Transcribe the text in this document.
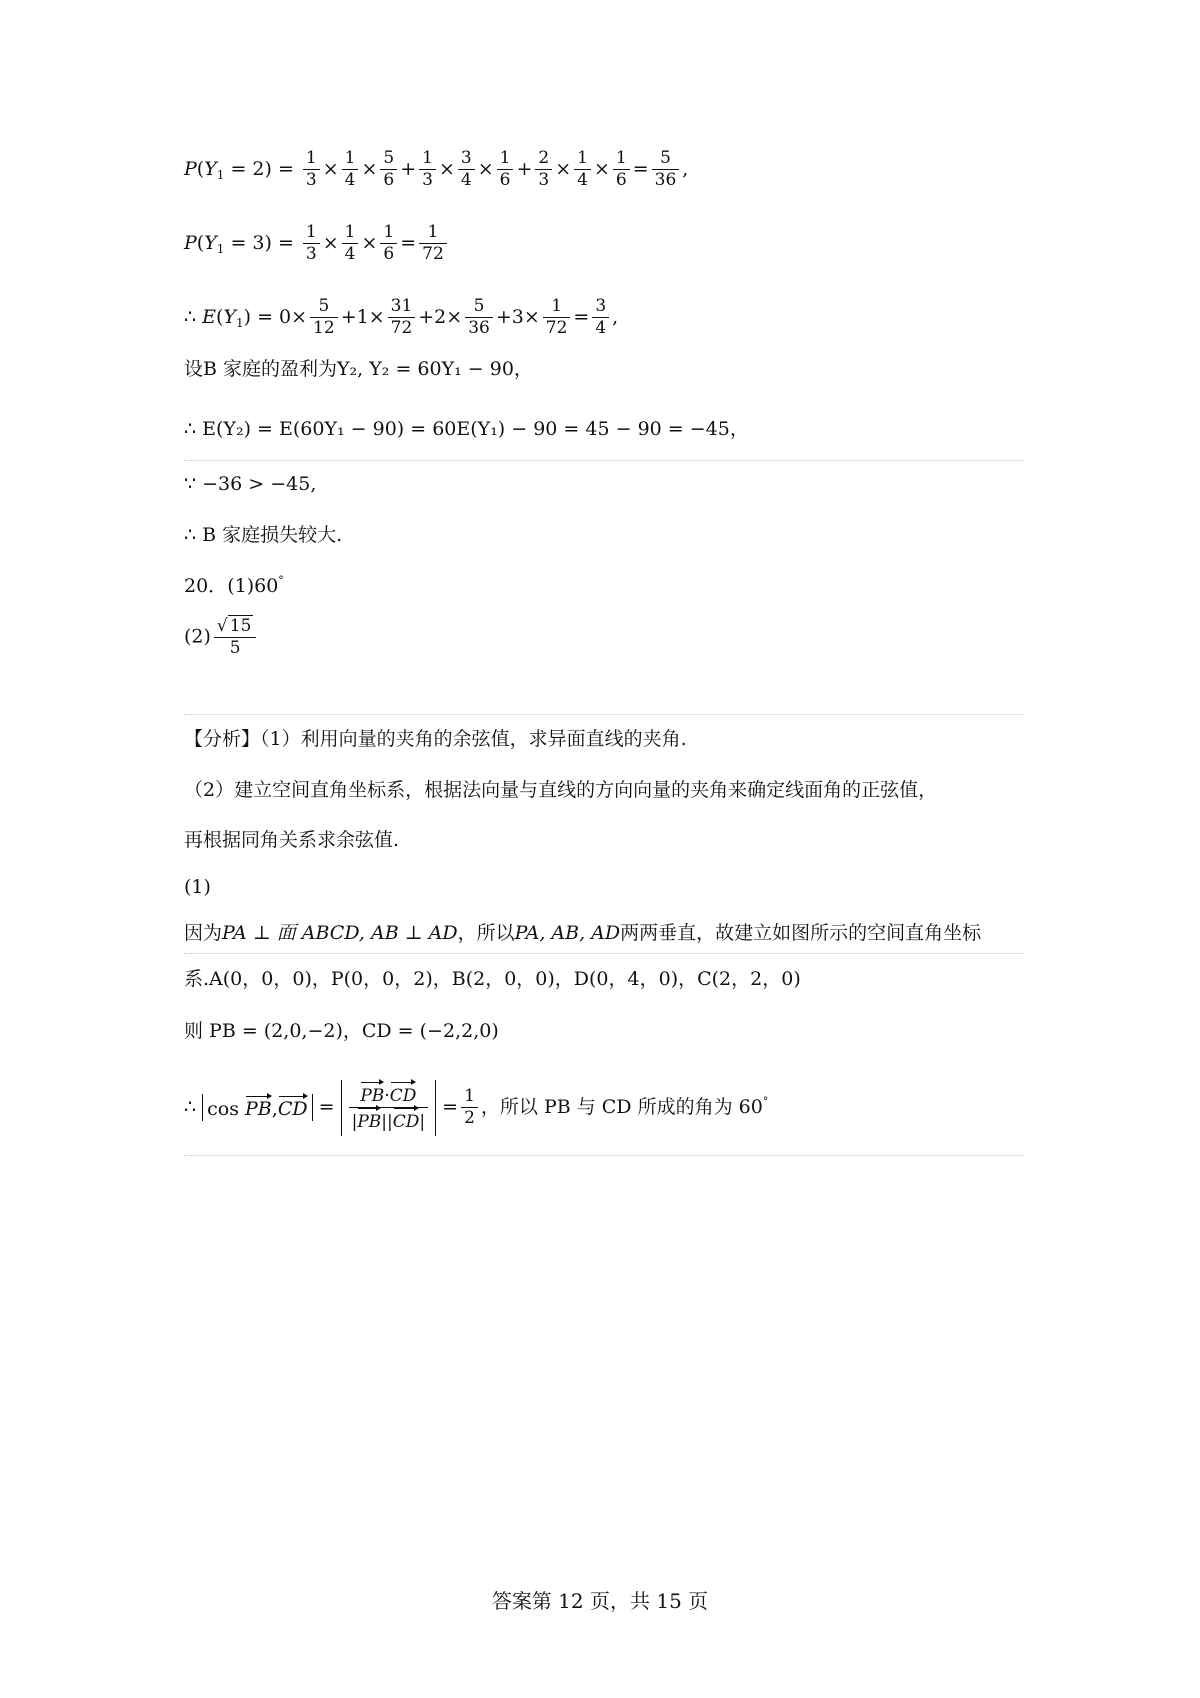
$P(Y_1 = 2) = \frac{1}{3} \times \frac{1}{4} \times \frac{5}{6} + \frac{1}{3} \times \frac{3}{4} \times \frac{1}{6} + \frac{2}{3} \times \frac{1}{4} \times \frac{1}{6} = \frac{5}{36}$ ,
$P(Y_1 = 3) = \frac{1}{3} \times \frac{1}{4} \times \frac{1}{6} = \frac{1}{72}$
∴ $E(Y_1) = 0\times \frac{5}{12} +1\times \frac{31}{72} +2\times \frac{5}{36} +3\times \frac{1}{72} = \frac{3}{4}$ ,
设B 家庭的盈利为Y₂, Y₂ = 60Y₁ − 90，
∴ E(Y₂) = E(60Y₁ − 90) = 60E(Y₁) − 90 = 45 − 90 = −45，
∵ −36 > −45,
∴ B 家庭损失较大.
20．(1)60°
$(2) \frac{√ 15}{5}$
【分析】（1）利用向量的夹角的余弦值，求异面直线的夹角.
（2）建立空间直角坐标系，根据法向量与直线的方向向量的夹角来确定线面角的正弦值，
再根据同角关系求余弦值.
(1)
因为PA ⊥ 面 ABCD, AB ⊥ AD，所以PA, AB, AD两两垂直，故建立如图所示的空间直角坐标
系.A(0，0，0)，P(0，0，2)，B(2，0，0)，D(0，4，0)，C(2，2，0)
则 PB = (2,0,−2)，CD = (−2,2,0)
∴ $\cos PB,CD = \frac{PB\cdot CD}{|PB||CD|} = \frac{1}{2}$ ，所以 PB 与 CD 所成的角为 60°
答案第 12 页，共 15 页
